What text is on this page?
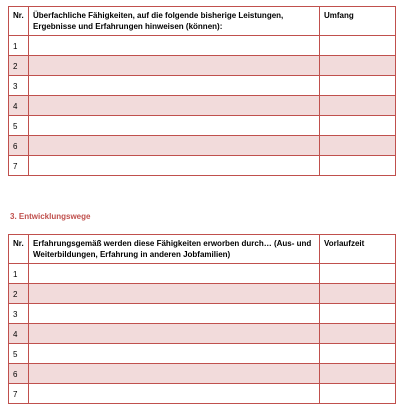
Nr.	Überfachliche Fähigkeiten, auf die folgende bisherige Leistungen, Ergebnisse und Erfahrungen hinweisen (können):	Umfang
1		
2		
3		
4		
5		
6		
7		
3. Entwicklungswege
Nr.	Erfahrungsgemäß werden diese Fähigkeiten erworben durch… (Aus- und Weiterbildungen, Erfahrung in anderen Jobfamilien)	Vorlaufzeit
1		
2		
3		
4		
5		
6		
7		
